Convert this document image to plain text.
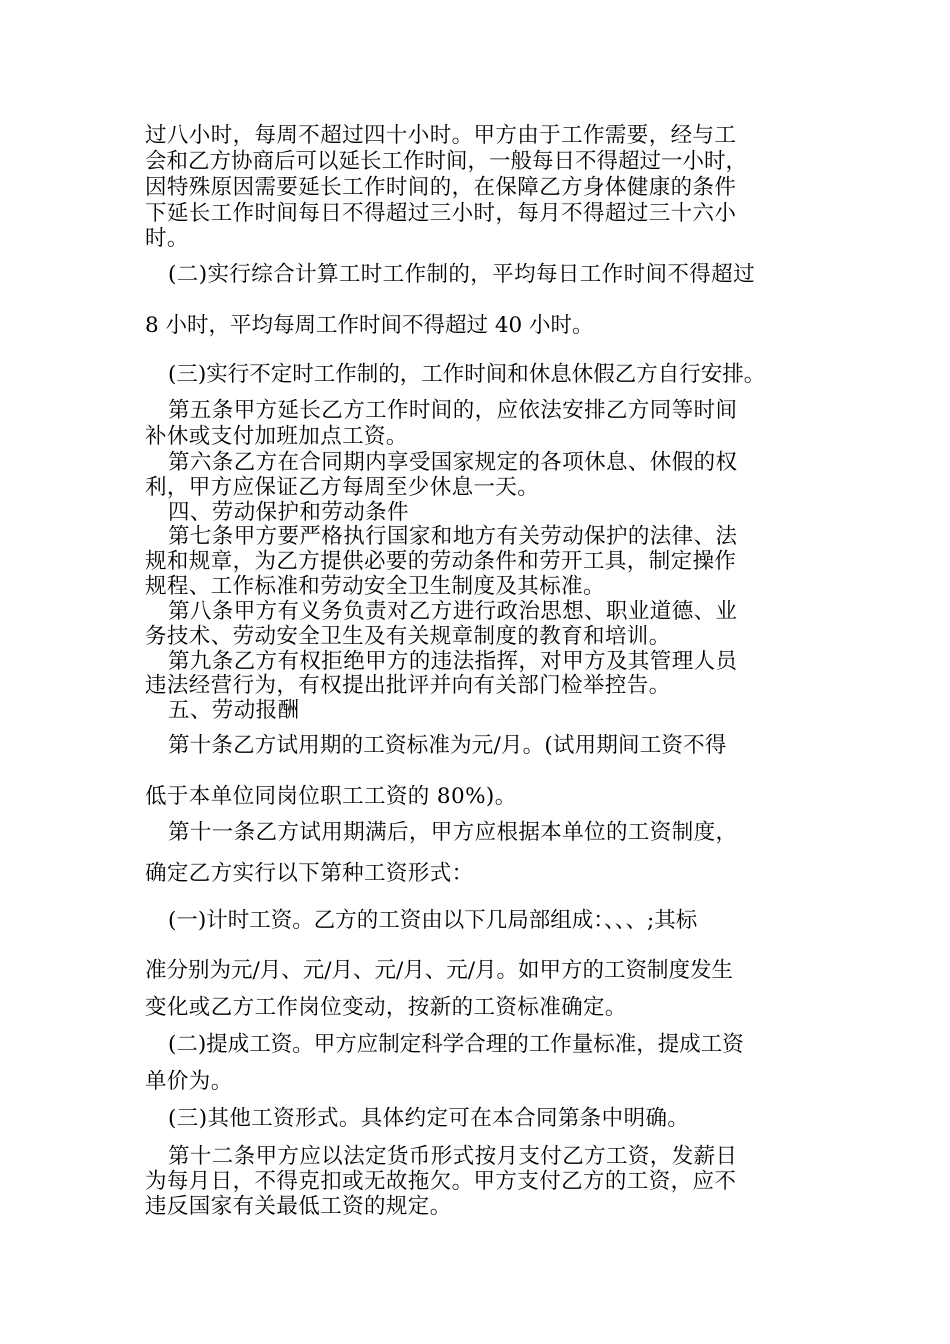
过八小时，每周不超过四十小时。甲方由于工作需要，经与工
会和乙方协商后可以延长工作时间，一般每日不得超过一小时，
因特殊原因需要延长工作时间的，在保障乙方身体健康的条件
下延长工作时间每日不得超过三小时，每月不得超过三十六小
时。
(二)实行综合计算工时工作制的，平均每日工作时间不得超过
8 小时，平均每周工作时间不得超过 40 小时。
(三)实行不定时工作制的，工作时间和休息休假乙方自行安排。
第五条甲方延长乙方工作时间的，应依法安排乙方同等时间
补休或支付加班加点工资。
第六条乙方在合同期内享受国家规定的各项休息、休假的权
利，甲方应保证乙方每周至少休息一天。
四、劳动保护和劳动条件
第七条甲方要严格执行国家和地方有关劳动保护的法律、法
规和规章，为乙方提供必要的劳动条件和劳开工具，制定操作
规程、工作标准和劳动安全卫生制度及其标准。
第八条甲方有义务负责对乙方进行政治思想、职业道德、业
务技术、劳动安全卫生及有关规章制度的教育和培训。
第九条乙方有权拒绝甲方的违法指挥，对甲方及其管理人员
违法经营行为，有权提出批评并向有关部门检举控告。
五、劳动报酬
第十条乙方试用期的工资标准为元/月。(试用期间工资不得
低于本单位同岗位职工工资的 80%)。
第十一条乙方试用期满后，甲方应根据本单位的工资制度，
确定乙方实行以下第种工资形式：
(一)计时工资。乙方的工资由以下几局部组成：、、、;其标
准分别为元/月、元/月、元/月、元/月。如甲方的工资制度发生
变化或乙方工作岗位变动，按新的工资标准确定。
(二)提成工资。甲方应制定科学合理的工作量标准，提成工资
单价为。
(三)其他工资形式。具体约定可在本合同第条中明确。
第十二条甲方应以法定货币形式按月支付乙方工资，发薪日
为每月日，不得克扣或无故拖欠。甲方支付乙方的工资，应不
违反国家有关最低工资的规定。
